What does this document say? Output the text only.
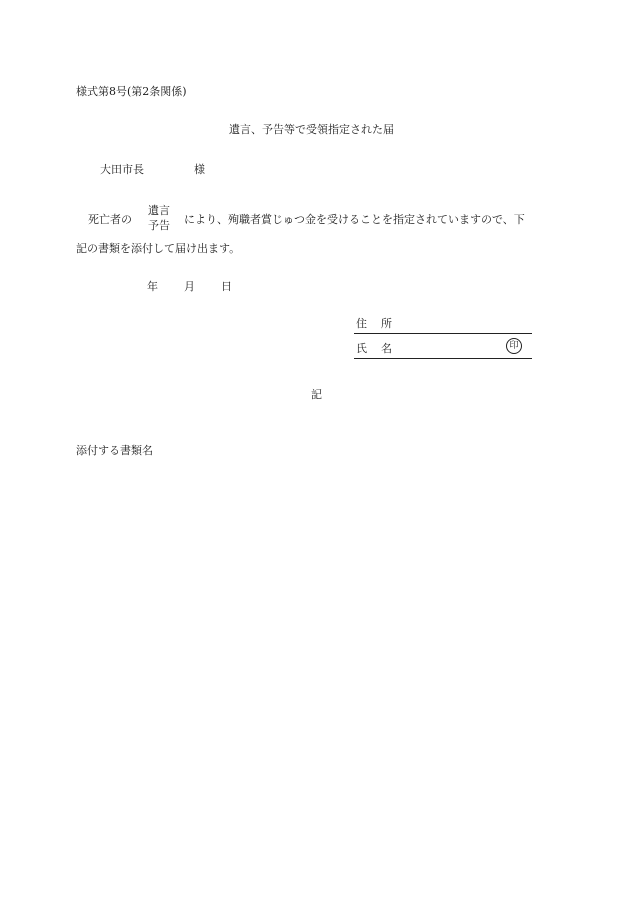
様式第8号(第2条関係)
遺言、予告等で受領指定された届
大田市長	様
死亡者の
遺言
予告 により、殉職者賞じゅつ金を受けることを指定されていますので、下
記の書類を添付して届け出ます。
年 月 日
住所
氏名	印
記
添付する書類名
